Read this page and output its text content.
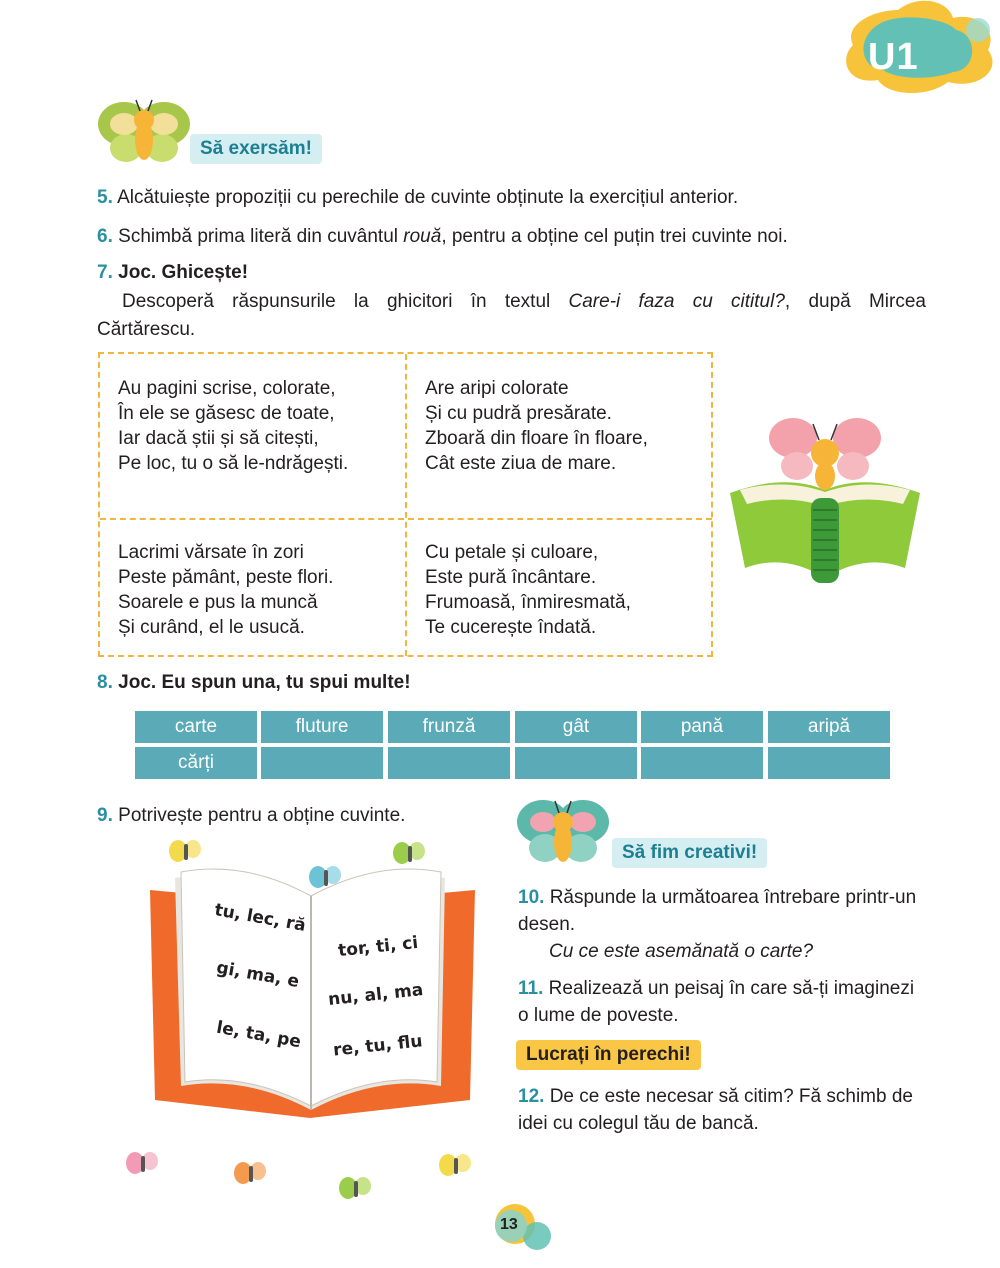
U1
Să exersăm!
5. Alcătuiește propoziții cu perechile de cuvinte obținute la exercițiul anterior.
6. Schimbă prima literă din cuvântul rouă, pentru a obține cel puțin trei cuvinte noi.
7. Joc. Ghicește!
Descoperă răspunsurile la ghicitori în textul Care-i faza cu cititul?, după Mircea
Cărtărescu.
Au pagini scrise, colorate,
În ele se găsesc de toate,
Iar dacă știi și să citești,
Pe loc, tu o să le-ndrăgești.
Are aripi colorate
Și cu pudră presărate.
Zboară din floare în floare,
Cât este ziua de mare.
Lacrimi vărsate în zori
Peste pământ, peste flori.
Soarele e pus la muncă
Și curând, el le usucă.
Cu petale și culoare,
Este pură încântare.
Frumoasă, înmiresmată,
Te cucerește îndată.
8. Joc. Eu spun una, tu spui multe!
carte	fluture	frunză	gât	pană	aripă
cărți
9. Potrivește pentru a obține cuvinte.
tu, lec, ră
gi, ma, e
le, ta, pe
tor, ti, ci
nu, al, ma
re, tu, flu
Să fim creativi!
10. Răspunde la următoarea întrebare printr-un
desen.
Cu ce este asemănată o carte?
11. Realizează un peisaj în care să-ți imaginezi
o lume de poveste.
Lucrați în perechi!
12. De ce este necesar să citim? Fă schimb de
idei cu colegul tău de bancă.
13
